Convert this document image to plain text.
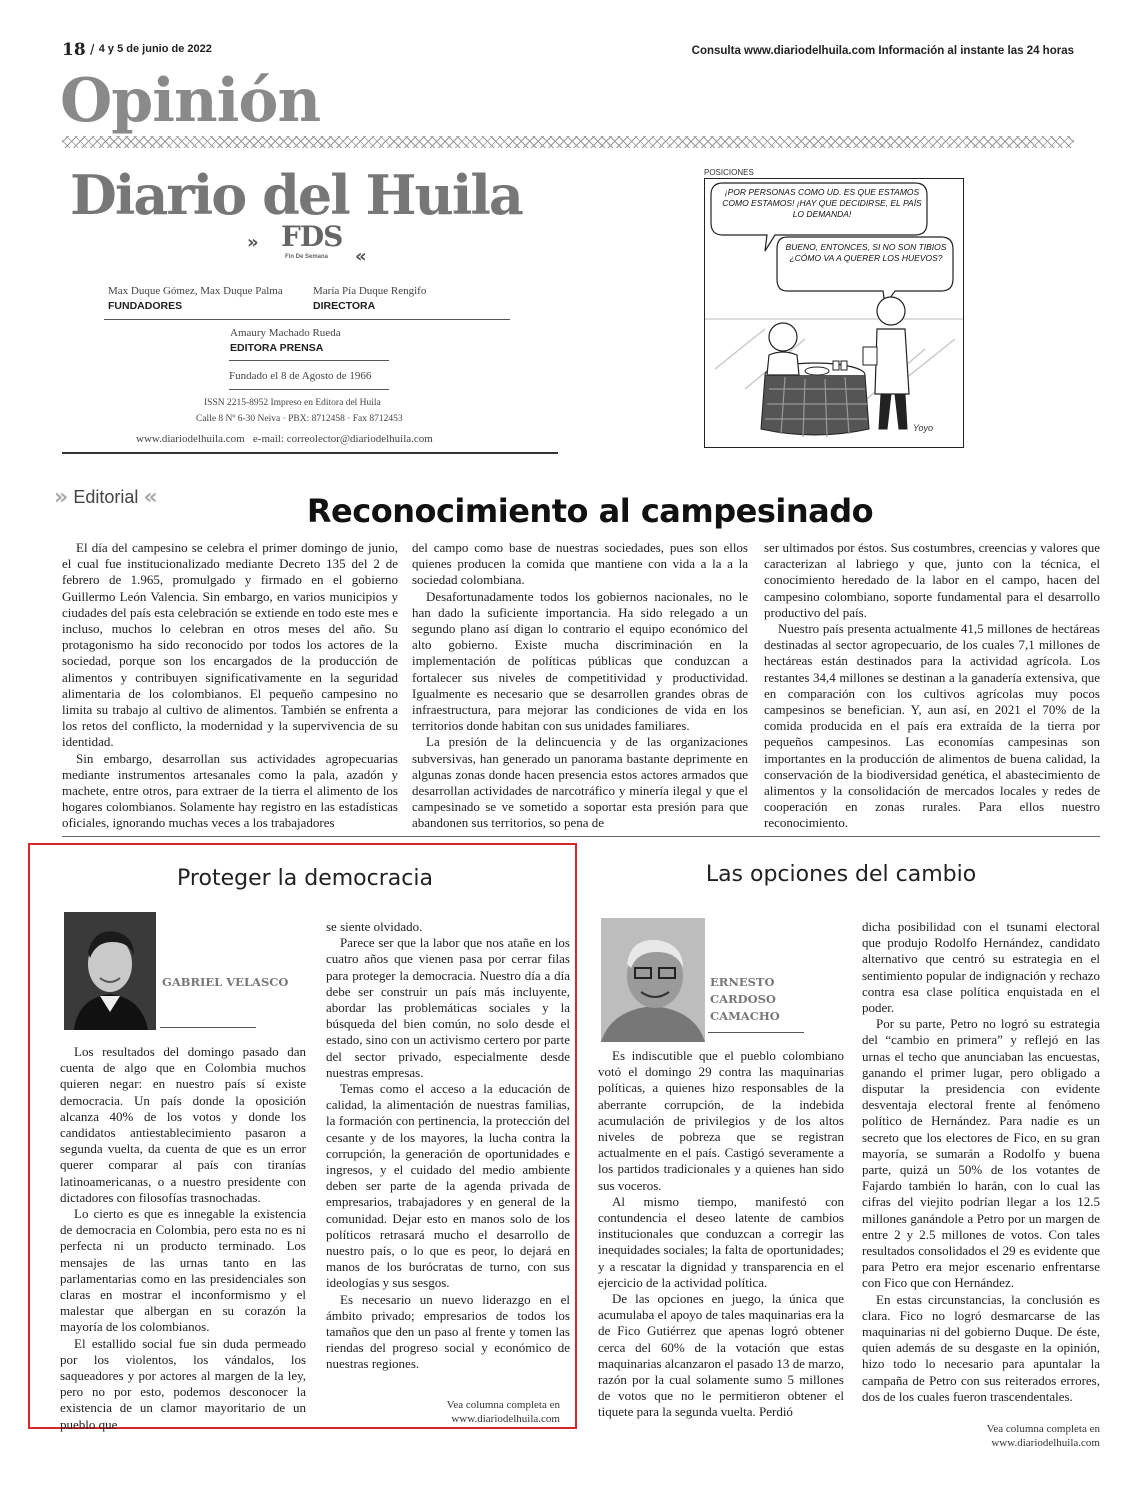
18 / 4 y 5 de junio de 2022	Consulta www.diariodelhuila.com Información al instante las 24 horas
Opinión
Diario del Huila
» FDS
Fin De Semana «
Max Duque Gómez, Max Duque Palma
FUNDADORES
María Pía Duque Rengifo
DIRECTORA
Amaury Machado Rueda
EDITORA PRENSA
Fundado el 8 de Agosto de 1966
ISSN 2215-8952 Impreso en Editora del Huila
Calle 8 Nº 6-30 Neiva · PBX: 8712458 · Fax 8712453
www.diariodelhuila.com   e-mail: correolector@diariodelhuila.com
POSICIONES
¡POR PERSONAS COMO UD. ES QUE ESTAMOS COMO ESTAMOS! ¡HAY QUE DECIDIRSE, EL PAÍS LO DEMANDA!
BUENO, ENTONCES, SI NO SON TIBIOS ¿CÓMO VA A QUERER LOS HUEVOS?
Yoyo
» Editorial «	Reconocimiento al campesinado

El día del campesino se celebra el primer domingo de junio, el cual fue institucionalizado mediante Decreto 135 del 2 de febrero de 1.965, promulgado y firmado en el gobierno Guillermo León Valencia. Sin embargo, en varios municipios y ciudades del país esta celebración se extiende en todo este mes e incluso, muchos lo celebran en otros meses del año. Su protagonismo ha sido reconocido por todos los actores de la sociedad, porque son los encargados de la producción de alimentos y contribuyen significativamente en la seguridad alimentaria de los colombianos. El pequeño campesino no limita su trabajo al cultivo de alimentos. También se enfrenta a los retos del conflicto, la modernidad y la supervivencia de su identidad.

Sin embargo, desarrollan sus actividades agropecuarias mediante instrumentos artesanales como la pala, azadón y machete, entre otros, para extraer de la tierra el alimento de los hogares colombianos. Solamente hay registro en las estadísticas oficiales, ignorando muchas veces a los trabajadores

del campo como base de nuestras sociedades, pues son ellos quienes producen la comida que mantiene con vida a la a la sociedad colombiana.

Desafortunadamente todos los gobiernos nacionales, no le han dado la suficiente importancia. Ha sido relegado a un segundo plano así digan lo contrario el equipo económico del alto gobierno. Existe mucha discriminación en la implementación de políticas públicas que conduzcan a fortalecer sus niveles de competitividad y productividad. Igualmente es necesario que se desarrollen grandes obras de infraestructura, para mejorar las condiciones de vida en los territorios donde habitan con sus unidades familiares.

La presión de la delincuencia y de las organizaciones subversivas, han generado un panorama bastante deprimente en algunas zonas donde hacen presencia estos actores armados que desarrollan actividades de narcotráfico y minería ilegal y que el campesinado se ve sometido a soportar esta presión para que abandonen sus territorios, so pena de

ser ultimados por éstos. Sus costumbres, creencias y valores que caracterizan al labriego y que, junto con la técnica, el conocimiento heredado de la labor en el campo, hacen del campesino colombiano, soporte fundamental para el desarrollo productivo del país.

Nuestro país presenta actualmente 41,5 millones de hectáreas destinadas al sector agropecuario, de los cuales 7,1 millones de hectáreas están destinados para la actividad agrícola. Los restantes 34,4 millones se destinan a la ganadería extensiva, que en comparación con los cultivos agrícolas muy pocos campesinos se benefician. Y, aun así, en 2021 el 70% de la comida producida en el país era extraída de la tierra por pequeños campesinos. Las economías campesinas son importantes en la producción de alimentos de buena calidad, la conservación de la biodiversidad genética, el abastecimiento de alimentos y la consolidación de mercados locales y redes de cooperación en zonas rurales. Para ellos nuestro reconocimiento.

Proteger la democracia
GABRIEL VELASCO

Los resultados del domingo pasado dan cuenta de algo que en Colombia muchos quieren negar: en nuestro país sí existe democracia. Un país donde la oposición alcanza 40% de los votos y donde los candidatos antiestablecimiento pasaron a segunda vuelta, da cuenta de que es un error querer comparar al país con tiranías latinoamericanas, o a nuestro presidente con dictadores con filosofías trasnochadas.

Lo cierto es que es innegable la existencia de democracia en Colombia, pero esta no es ni perfecta ni un producto terminado. Los mensajes de las urnas tanto en las parlamentarias como en las presidenciales son claras en mostrar el inconformismo y el malestar que albergan en su corazón la mayoría de los colombianos.

El estallido social fue sin duda permeado por los violentos, los vándalos, los saqueadores y por actores al margen de la ley, pero no por esto, podemos desconocer la existencia de un clamor mayoritario de un pueblo que

se siente olvidado.

Parece ser que la labor que nos atañe en los cuatro años que vienen pasa por cerrar filas para proteger la democracia. Nuestro día a día debe ser construir un país más incluyente, abordar las problemáticas sociales y la búsqueda del bien común, no solo desde el estado, sino con un activismo certero por parte del sector privado, especialmente desde nuestras empresas.

Temas como el acceso a la educación de calidad, la alimentación de nuestras familias, la formación con pertinencia, la protección del cesante y de los mayores, la lucha contra la corrupción, la generación de oportunidades e ingresos, y el cuidado del medio ambiente deben ser parte de la agenda privada de empresarios, trabajadores y en general de la comunidad. Dejar esto en manos solo de los políticos retrasará mucho el desarrollo de nuestro país, o lo que es peor, lo dejará en manos de los burócratas de turno, con sus ideologías y sus sesgos.

Es necesario un nuevo liderazgo en el ámbito privado; empresarios de todos los tamaños que den un paso al frente y tomen las riendas del progreso social y económico de nuestras regiones.

Vea columna completa en www.diariodelhuila.com
Las opciones del cambio
ERNESTO CARDOSO CAMACHO

Es indiscutible que el pueblo colombiano votó el domingo 29 contra las maquinarias políticas, a quienes hizo responsables de la aberrante corrupción, de la indebida acumulación de privilegios y de los altos niveles de pobreza que se registran actualmente en el país. Castigó severamente a los partidos tradicionales y a quienes han sido sus voceros.

Al mismo tiempo, manifestó con contundencia el deseo latente de cambios institucionales que conduzcan a corregir las inequidades sociales; la falta de oportunidades; y a rescatar la dignidad y transparencia en el ejercicio de la actividad política.

De las opciones en juego, la única que acumulaba el apoyo de tales maquinarias era la de Fico Gutiérrez que apenas logró obtener cerca del 60% de la votación que estas maquinarias alcanzaron el pasado 13 de marzo, razón por la cual solamente sumo 5 millones de votos que no le permitieron obtener el tiquete para la segunda vuelta. Perdió

dicha posibilidad con el tsunami electoral que produjo Rodolfo Hernández, candidato alternativo que centró su estrategia en el sentimiento popular de indignación y rechazo contra esa clase política enquistada en el poder.

Por su parte, Petro no logró su estrategia del “cambio en primera” y reflejó en las urnas el techo que anunciaban las encuestas, ganando el primer lugar, pero obligado a disputar la presidencia con evidente desventaja electoral frente al fenómeno político de Hernández. Para nadie es un secreto que los electores de Fico, en su gran mayoría, se sumarán a Rodolfo y buena parte, quizá un 50% de los votantes de Fajardo también lo harán, con lo cual las cifras del viejito podrían llegar a los 12.5 millones ganándole a Petro por un margen de entre 2 y 2.5 millones de votos. Con tales resultados consolidados el 29 es evidente que para Petro era mejor escenario enfrentarse con Fico que con Hernández.

En estas circunstancias, la conclusión es clara. Fico no logró desmarcarse de las maquinarias ni del gobierno Duque. De éste, quien además de su desgaste en la opinión, hizo todo lo necesario para apuntalar la campaña de Petro con sus reiterados errores, dos de los cuales fueron trascendentales.

Vea columna completa en www.diariodelhuila.com
